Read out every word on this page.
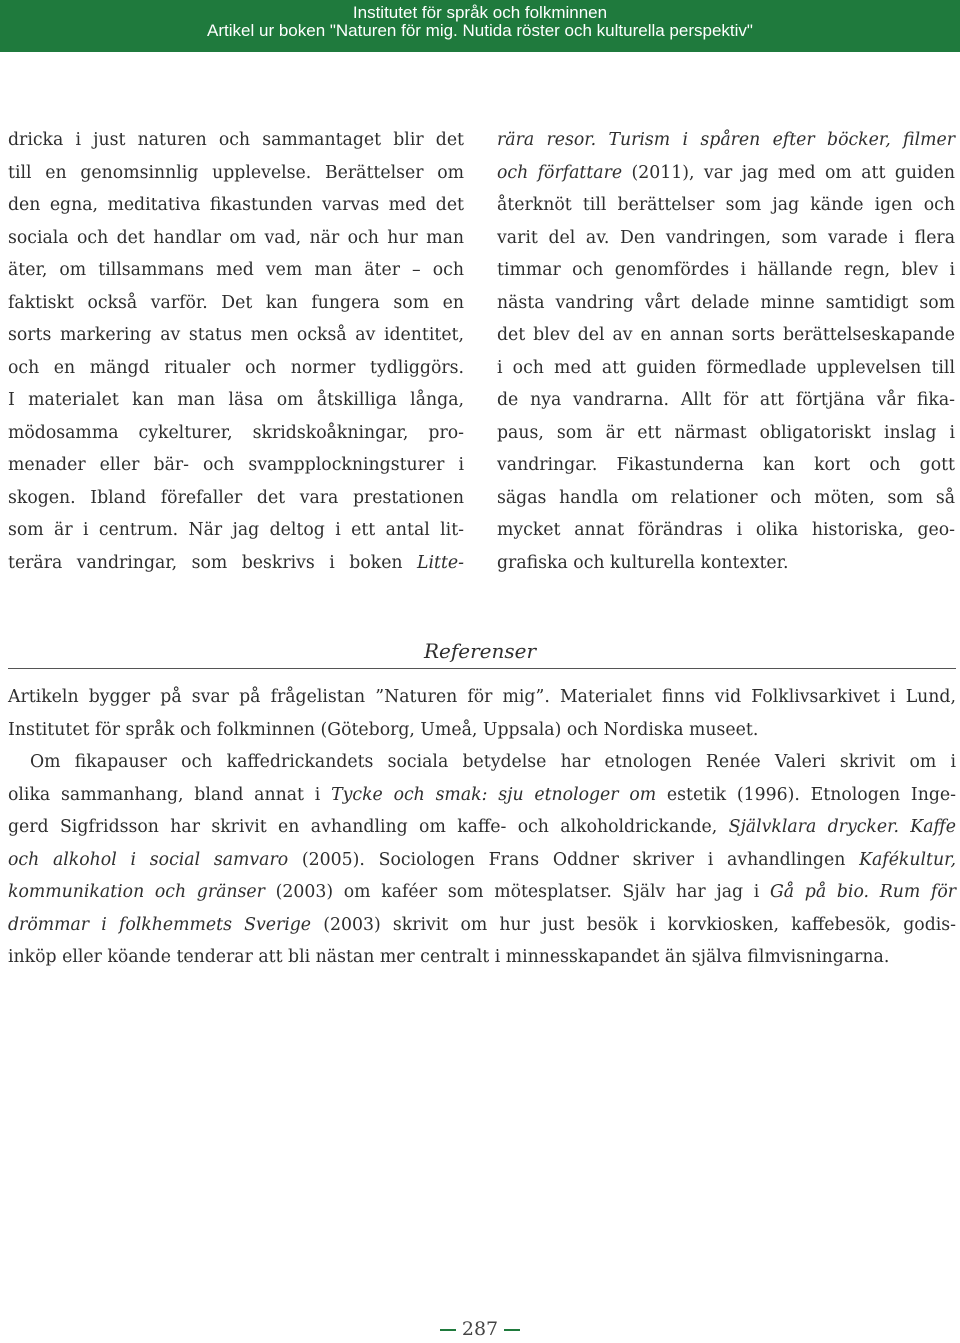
Institutet för språk och folkminnen
Artikel ur boken "Naturen för mig. Nutida röster och kulturella perspektiv"
dricka i just naturen och sammantaget blir det
till en genomsinnlig upplevelse. Berättelser om
den egna, meditativa fikastunden varvas med det
sociala och det handlar om vad, när och hur man
äter, om tillsammans med vem man äter – och
faktiskt också varför. Det kan fungera som en
sorts markering av status men också av identitet,
och en mängd ritualer och normer tydliggörs.
I materialet kan man läsa om åtskilliga långa,
mödosamma cykelturer, skridskoåkningar, pro-
menader eller bär- och svampplockningsturer i
skogen. Ibland förefaller det vara prestationen
som är i centrum. När jag deltog i ett antal lit-
terära vandringar, som beskrivs i boken Litte-
rära resor. Turism i spåren efter böcker, filmer
och författare (2011), var jag med om att guiden
återknöt till berättelser som jag kände igen och
varit del av. Den vandringen, som varade i flera
timmar och genomfördes i hällande regn, blev i
nästa vandring vårt delade minne samtidigt som
det blev del av en annan sorts berättelseskapande
i och med att guiden förmedlade upplevelsen till
de nya vandrarna. Allt för att förtjäna vår fika-
paus, som är ett närmast obligatoriskt inslag i
vandringar. Fikastunderna kan kort och gott
sägas handla om relationer och möten, som så
mycket annat förändras i olika historiska, geo-
grafiska och kulturella kontexter.
Referenser
Artikeln bygger på svar på frågelistan ”Naturen för mig”. Materialet finns vid Folklivsarkivet i Lund,
Institutet för språk och folkminnen (Göteborg, Umeå, Uppsala) och Nordiska museet.
Om fikapauser och kaffedrickandets sociala betydelse har etnologen Renée Valeri skrivit om i
olika sammanhang, bland annat i Tycke och smak: sju etnologer om estetik (1996). Etnologen Inge-
gerd Sigfridsson har skrivit en avhandling om kaffe- och alkoholdrickande, Självklara drycker. Kaffe
och alkohol i social samvaro (2005). Sociologen Frans Oddner skriver i avhandlingen Kafékultur,
kommunikation och gränser (2003) om kaféer som mötesplatser. Själv har jag i Gå på bio. Rum för
drömmar i folkhemmets Sverige (2003) skrivit om hur just besök i korvkiosken, kaffebesök, godis-
inköp eller köande tenderar att bli nästan mer centralt i minnesskapandet än själva filmvisningarna.
287
